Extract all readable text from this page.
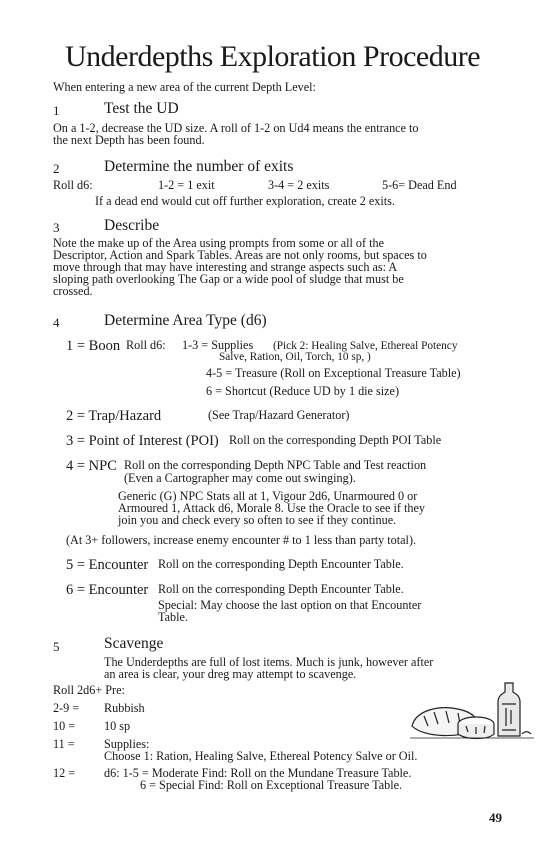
Underdepths Exploration Procedure
When entering a new area of the current Depth Level:
1	Test the UD
On a 1-2, decrease the UD size. A roll of 1-2 on Ud4 means the entrance to
the next Depth has been found.
2	Determine the number of exits
Roll d6:	1-2 = 1 exit	3-4 = 2 exits	5-6= Dead End
If a dead end would cut off further exploration, create 2 exits.
3	Describe
Note the make up of the Area using prompts from some or all of the
Descriptor, Action and Spark Tables. Areas are not only rooms, but spaces to
move through that may have interesting and strange aspects such as: A
sloping path overlooking The Gap or a wide pool of sludge that must be
crossed.
4	Determine Area Type (d6)
1 = Boon Roll d6: 1-3 = Supplies (Pick 2: Healing Salve, Ethereal Potency
Salve, Ration, Oil, Torch, 10 sp, )
4-5 = Treasure (Roll on Exceptional Treasure Table)
6 = Shortcut (Reduce UD by 1 die size)
2 = Trap/Hazard	(See Trap/Hazard Generator)
3 = Point of Interest (POI) Roll on the corresponding Depth POI Table
4 = NPC Roll on the corresponding Depth NPC Table and Test reaction
(Even a Cartographer may come out swinging).
Generic (G) NPC Stats all at 1, Vigour 2d6, Unarmoured 0 or
Armoured 1, Attack d6, Morale 8. Use the Oracle to see if they
join you and check every so often to see if they continue.
(At 3+ followers, increase enemy encounter # to 1 less than party total).
5 = Encounter Roll on the corresponding Depth Encounter Table.
6 = Encounter Roll on the corresponding Depth Encounter Table.
Special: May choose the last option on that Encounter
Table.
5	Scavenge
The Underdepths are full of lost items. Much is junk, however after
an area is clear, your dreg may attempt to scavenge.
Roll 2d6+ Pre:
2-9 = Rubbish
10 = 10 sp
11 = Supplies:
Choose 1: Ration, Healing Salve, Ethereal Potency Salve or Oil.
12 = d6: 1-5 = Moderate Find: Roll on the Mundane Treasure Table.
6 = Special Find: Roll on Exceptional Treasure Table.
49
